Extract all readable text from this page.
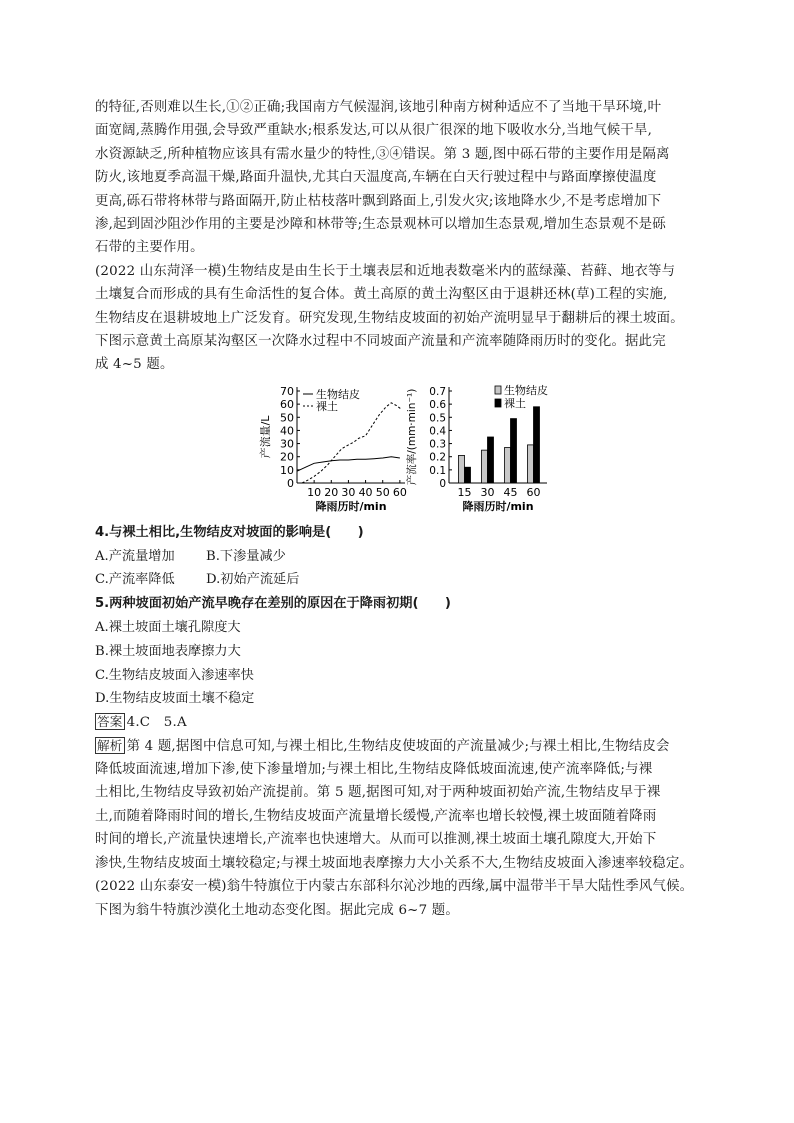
的特征,否则难以生长,①②正确;我国南方气候湿润,该地引种南方树种适应不了当地干旱环境,叶

面宽阔,蒸腾作用强,会导致严重缺水;根系发达,可以从很广很深的地下吸收水分,当地气候干旱,

水资源缺乏,所种植物应该具有需水量少的特性,③④错误。第 3 题,图中砾石带的主要作用是隔离

防火,该地夏季高温干燥,路面升温快,尤其白天温度高,车辆在白天行驶过程中与路面摩擦使温度

更高,砾石带将林带与路面隔开,防止枯枝落叶飘到路面上,引发火灾;该地降水少,不是考虑增加下

渗,起到固沙阻沙作用的主要是沙障和林带等;生态景观林可以增加生态景观,增加生态景观不是砾

石带的主要作用。

(2022 山东菏泽一模)生物结皮是由生长于土壤表层和近地表数毫米内的蓝绿藻、苔藓、地衣等与

土壤复合而形成的具有生命活性的复合体。黄土高原的黄土沟壑区由于退耕还林(草)工程的实施,

生物结皮在退耕坡地上广泛发育。研究发现,生物结皮坡面的初始产流明显早于翻耕后的裸土坡面。

下图示意黄土高原某沟壑区一次降水过程中不同坡面产流量和产流率随降雨历时的变化。据此完

成 4~5 题。

0
10
20
30
40
50
60
70
10 20 30 40 50 60
产流量/L
降雨历时/min
生物结皮
裸土
0
0.1
0.2
0.3
0.4
0.5
0.6
0.7
产流率/(mm·min⁻¹)
降雨历时/min
15 30 45 60
生物结皮
裸土

4.与裸土相比,生物结皮对坡面的影响是(　　)

A.产流量增加 B.下渗量减少

C.产流率降低 D.初始产流延后

5.两种坡面初始产流早晚存在差别的原因在于降雨初期(　　)

A.裸土坡面土壤孔隙度大

B.裸土坡面地表摩擦力大

C.生物结皮坡面入渗速率快

D.生物结皮坡面土壤不稳定

答案 4.C　5.A

解析 第 4 题,据图中信息可知,与裸土相比,生物结皮使坡面的产流量减少;与裸土相比,生物结皮会

降低坡面流速,增加下渗,使下渗量增加;与裸土相比,生物结皮降低坡面流速,使产流率降低;与裸

土相比,生物结皮导致初始产流提前。第 5 题,据图可知,对于两种坡面初始产流,生物结皮早于裸

土,而随着降雨时间的增长,生物结皮坡面产流量增长缓慢,产流率也增长较慢,裸土坡面随着降雨

时间的增长,产流量快速增长,产流率也快速增大。从而可以推测,裸土坡面土壤孔隙度大,开始下

渗快,生物结皮坡面土壤较稳定;与裸土坡面地表摩擦力大小关系不大,生物结皮坡面入渗速率较稳定。

(2022 山东泰安一模)翁牛特旗位于内蒙古东部科尔沁沙地的西缘,属中温带半干旱大陆性季风气候。

下图为翁牛特旗沙漠化土地动态变化图。据此完成 6~7 题。
